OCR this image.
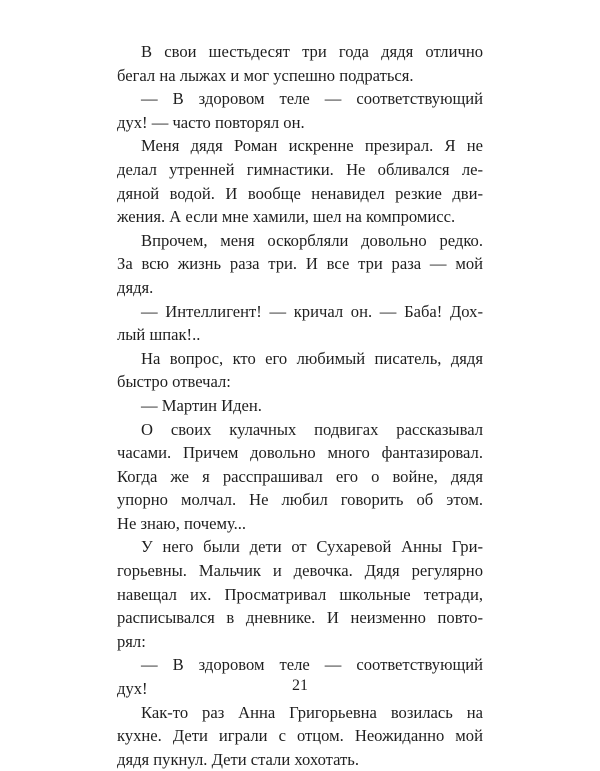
В свои шестьдесят три года дядя отлично
бегал на лыжах и мог успешно подраться.
— В здоровом теле — соответствующий
дух! — часто повторял он.
Меня дядя Роман искренне презирал. Я не
делал утренней гимнастики. Не обливался ле-
дяной водой. И вообще ненавидел резкие дви-
жения. А если мне хамили, шел на компромисс.
Впрочем, меня оскорбляли довольно редко.
За всю жизнь раза три. И все три раза — мой
дядя.
— Интеллигент! — кричал он. — Баба! Дох-
лый шпак!..
На вопрос, кто его любимый писатель, дядя
быстро отвечал:
— Мартин Иден.
О своих кулачных подвигах рассказывал
часами. Причем довольно много фантазировал.
Когда же я расспрашивал его о войне, дядя
упорно молчал. Не любил говорить об этом.
Не знаю, почему...
У него были дети от Сухаревой Анны Гри-
горьевны. Мальчик и девочка. Дядя регулярно
навещал их. Просматривал школьные тетради,
расписывался в дневнике. И неизменно повто-
рял:
— В здоровом теле — соответствующий
дух!
Как-то раз Анна Григорьевна возилась на
кухне. Дети играли с отцом. Неожиданно мой
дядя пукнул. Дети стали хохотать.
21
